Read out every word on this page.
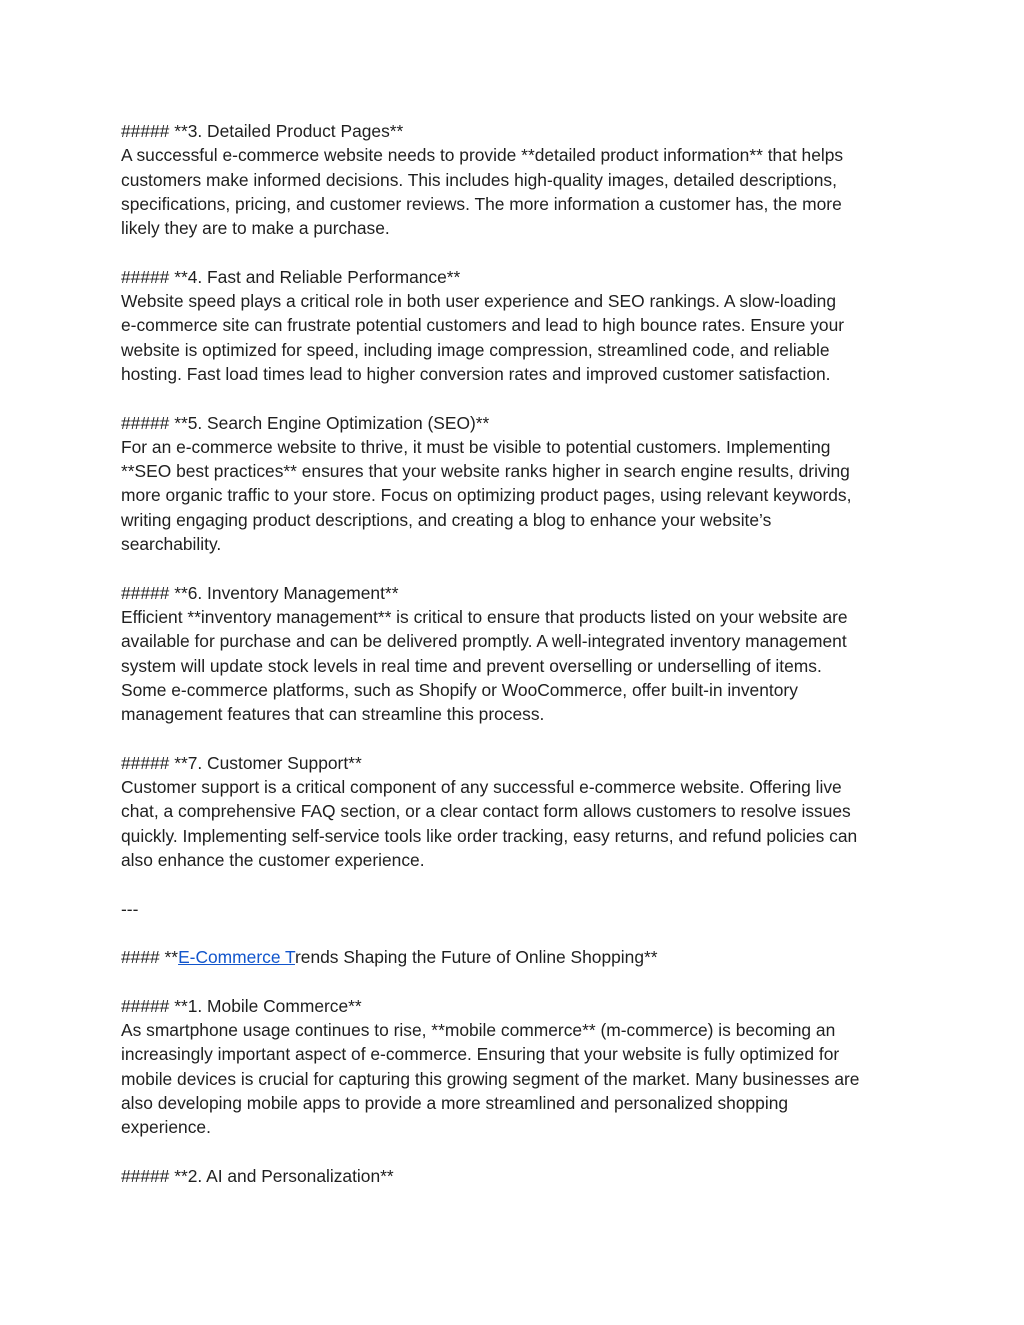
##### **3. Detailed Product Pages**
A successful e-commerce website needs to provide **detailed product information** that helps
customers make informed decisions. This includes high-quality images, detailed descriptions,
specifications, pricing, and customer reviews. The more information a customer has, the more
likely they are to make a purchase.
##### **4. Fast and Reliable Performance**
Website speed plays a critical role in both user experience and SEO rankings. A slow-loading
e-commerce site can frustrate potential customers and lead to high bounce rates. Ensure your
website is optimized for speed, including image compression, streamlined code, and reliable
hosting. Fast load times lead to higher conversion rates and improved customer satisfaction.
##### **5. Search Engine Optimization (SEO)**
For an e-commerce website to thrive, it must be visible to potential customers. Implementing
**SEO best practices** ensures that your website ranks higher in search engine results, driving
more organic traffic to your store. Focus on optimizing product pages, using relevant keywords,
writing engaging product descriptions, and creating a blog to enhance your website’s
searchability.
##### **6. Inventory Management**
Efficient **inventory management** is critical to ensure that products listed on your website are
available for purchase and can be delivered promptly. A well-integrated inventory management
system will update stock levels in real time and prevent overselling or underselling of items.
Some e-commerce platforms, such as Shopify or WooCommerce, offer built-in inventory
management features that can streamline this process.
##### **7. Customer Support**
Customer support is a critical component of any successful e-commerce website. Offering live
chat, a comprehensive FAQ section, or a clear contact form allows customers to resolve issues
quickly. Implementing self-service tools like order tracking, easy returns, and refund policies can
also enhance the customer experience.
---
#### **E-Commerce Trends Shaping the Future of Online Shopping**
##### **1. Mobile Commerce**
As smartphone usage continues to rise, **mobile commerce** (m-commerce) is becoming an
increasingly important aspect of e-commerce. Ensuring that your website is fully optimized for
mobile devices is crucial for capturing this growing segment of the market. Many businesses are
also developing mobile apps to provide a more streamlined and personalized shopping
experience.
##### **2. AI and Personalization**
